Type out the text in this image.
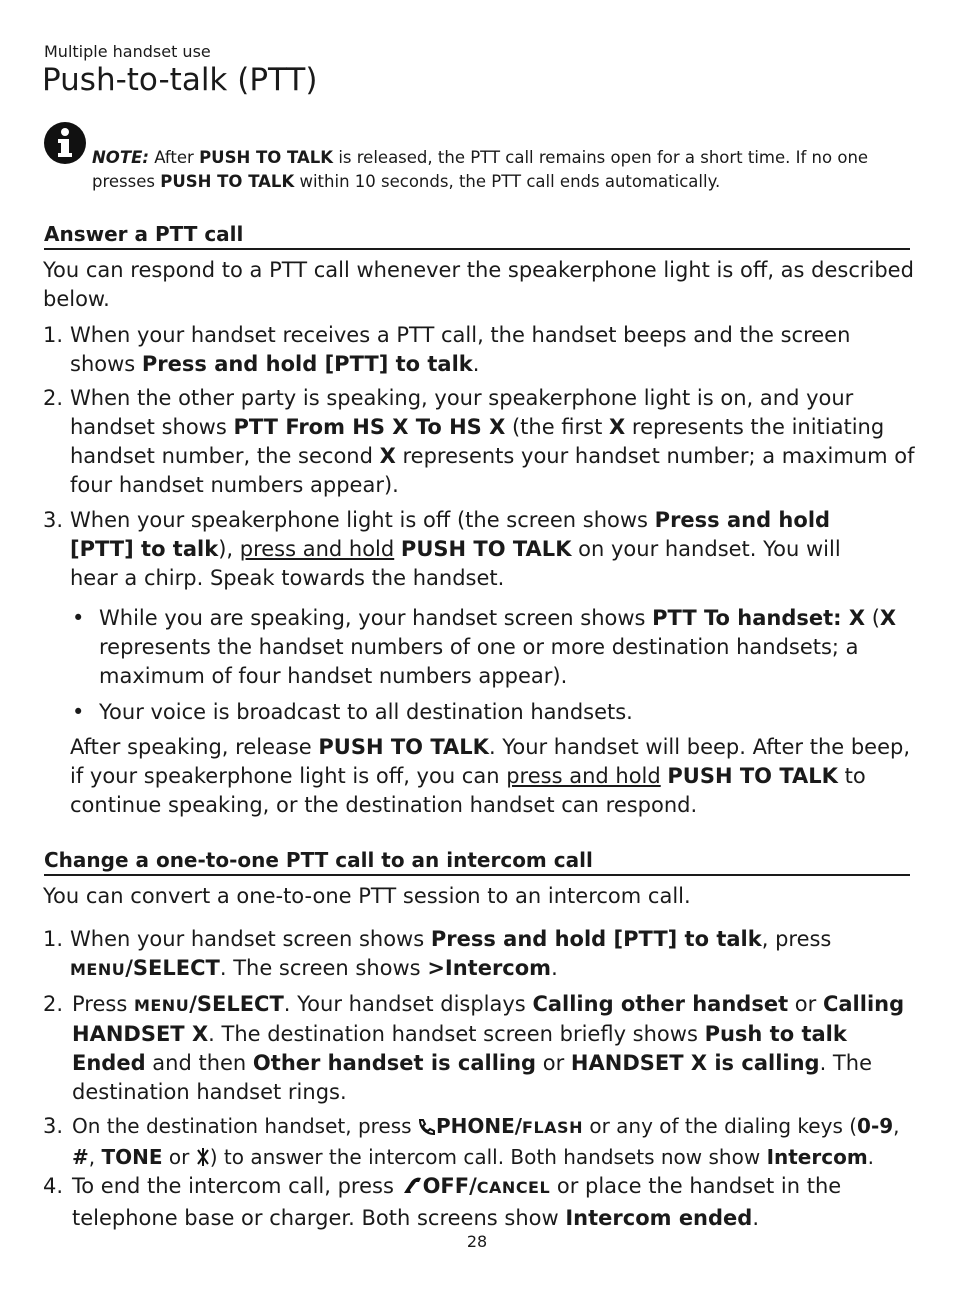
Multiple handset use
Push-to-talk (PTT)
NOTE: After PUSH TO TALK is released, the PTT call remains open for a short time. If no one presses PUSH TO TALK within 10 seconds, the PTT call ends automatically.
Answer a PTT call
You can respond to a PTT call whenever the speakerphone light is off, as described below.
1. When your handset receives a PTT call, the handset beeps and the screen shows Press and hold [PTT] to talk.
2. When the other party is speaking, your speakerphone light is on, and your handset shows PTT From HS X To HS X (the first X represents the initiating handset number, the second X represents your handset number; a maximum of four handset numbers appear).
3. When your speakerphone light is off (the screen shows Press and hold [PTT] to talk), press and hold PUSH TO TALK on your handset. You will hear a chirp. Speak towards the handset.
• While you are speaking, your handset screen shows PTT To handset: X (X represents the handset numbers of one or more destination handsets; a maximum of four handset numbers appear).
• Your voice is broadcast to all destination handsets.
After speaking, release PUSH TO TALK. Your handset will beep. After the beep, if your speakerphone light is off, you can press and hold PUSH TO TALK to continue speaking, or the destination handset can respond.
Change a one-to-one PTT call to an intercom call
You can convert a one-to-one PTT session to an intercom call.
1. When your handset screen shows Press and hold [PTT] to talk, press MENU/SELECT. The screen shows >Intercom.
2. Press MENU/SELECT. Your handset displays Calling other handset or Calling HANDSET X. The destination handset screen briefly shows Push to talk Ended and then Other handset is calling or HANDSET X is calling. The destination handset rings.
3. On the destination handset, press PHONE/FLASH or any of the dialing keys (0-9, #, TONE or ) to answer the intercom call. Both handsets now show Intercom.
4. To end the intercom call, press OFF/CANCEL or place the handset in the telephone base or charger. Both screens show Intercom ended.
28
